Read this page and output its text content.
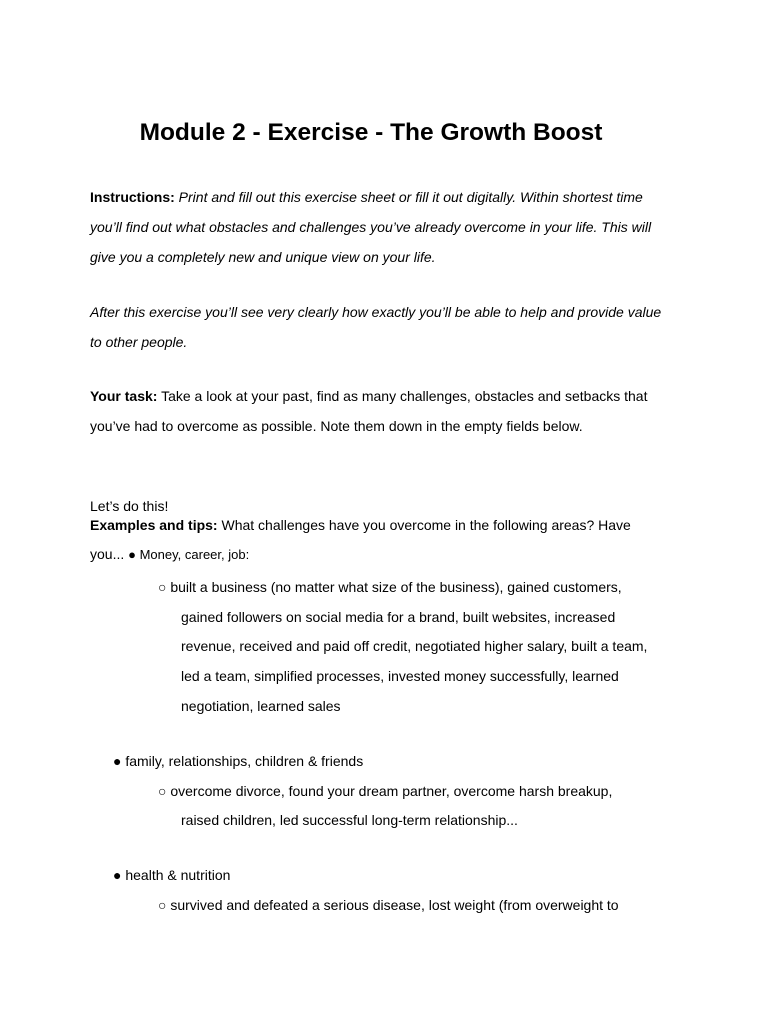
Module 2 - Exercise - The Growth Boost
Instructions: Print and fill out this exercise sheet or fill it out digitally. Within shortest time
you’ll find out what obstacles and challenges you’ve already overcome in your life. This will
give you a completely new and unique view on your life.
After this exercise you’ll see very clearly how exactly you’ll be able to help and provide value
to other people.
Your task: Take a look at your past, find as many challenges, obstacles and setbacks that
you’ve had to overcome as possible. Note them down in the empty fields below.
Let’s do this!
Examples and tips: What challenges have you overcome in the following areas? Have
you... ● Money, career, job:
○ built a business (no matter what size of the business), gained customers,
gained followers on social media for a brand, built websites, increased
revenue, received and paid off credit, negotiated higher salary, built a team,
led a team, simplified processes, invested money successfully, learned
negotiation, learned sales
● family, relationships, children & friends
○ overcome divorce, found your dream partner, overcome harsh breakup,
raised children, led successful long-term relationship...
● health & nutrition
○ survived and defeated a serious disease, lost weight (from overweight to
